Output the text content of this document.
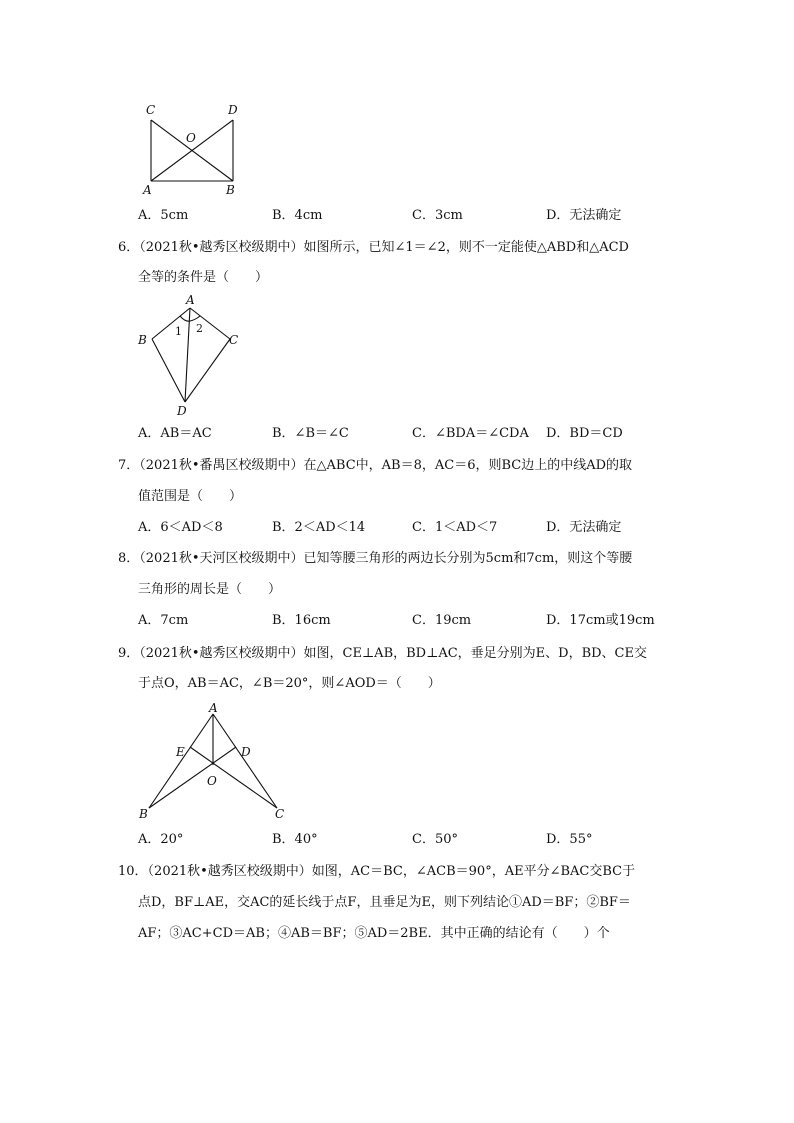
C	D
O
A	B
A．5cm	B．4cm	C．3cm	D．无法确定
6．（2021秋•越秀区校级期中）如图所示，已知∠1＝∠2，则不一定能使△ABD和△ACD
全等的条件是（　　）
A
B	C
D
1 2
A．AB＝AC	B．∠B＝∠C	C．∠BDA＝∠CDA D．BD＝CD
7．（2021秋•番禺区校级期中）在△ABC中，AB＝8，AC＝6，则BC边上的中线AD的取
值范围是（　　）
A．6＜AD＜8	B．2＜AD＜14	C．1＜AD＜7	D．无法确定
8．（2021秋•天河区校级期中）已知等腰三角形的两边长分别为5cm和7cm，则这个等腰
三角形的周长是（　　）
A．7cm	B．16cm	C．19cm	D．17cm或19cm
9．（2021秋•越秀区校级期中）如图，CE⊥AB，BD⊥AC，垂足分别为E、D，BD、CE交
于点O，AB＝AC，∠B＝20°，则∠AOD＝（　　）
A
E	D
O
B	C
A．20°	B．40°	C．50°	D．55°
10．（2021秋•越秀区校级期中）如图，AC＝BC，∠ACB＝90°，AE平分∠BAC交BC于
点D，BF⊥AE，交AC的延长线于点F，且垂足为E，则下列结论①AD＝BF；②BF＝
AF；③AC+CD＝AB；④AB＝BF；⑤AD＝2BE．其中正确的结论有（　　）个
